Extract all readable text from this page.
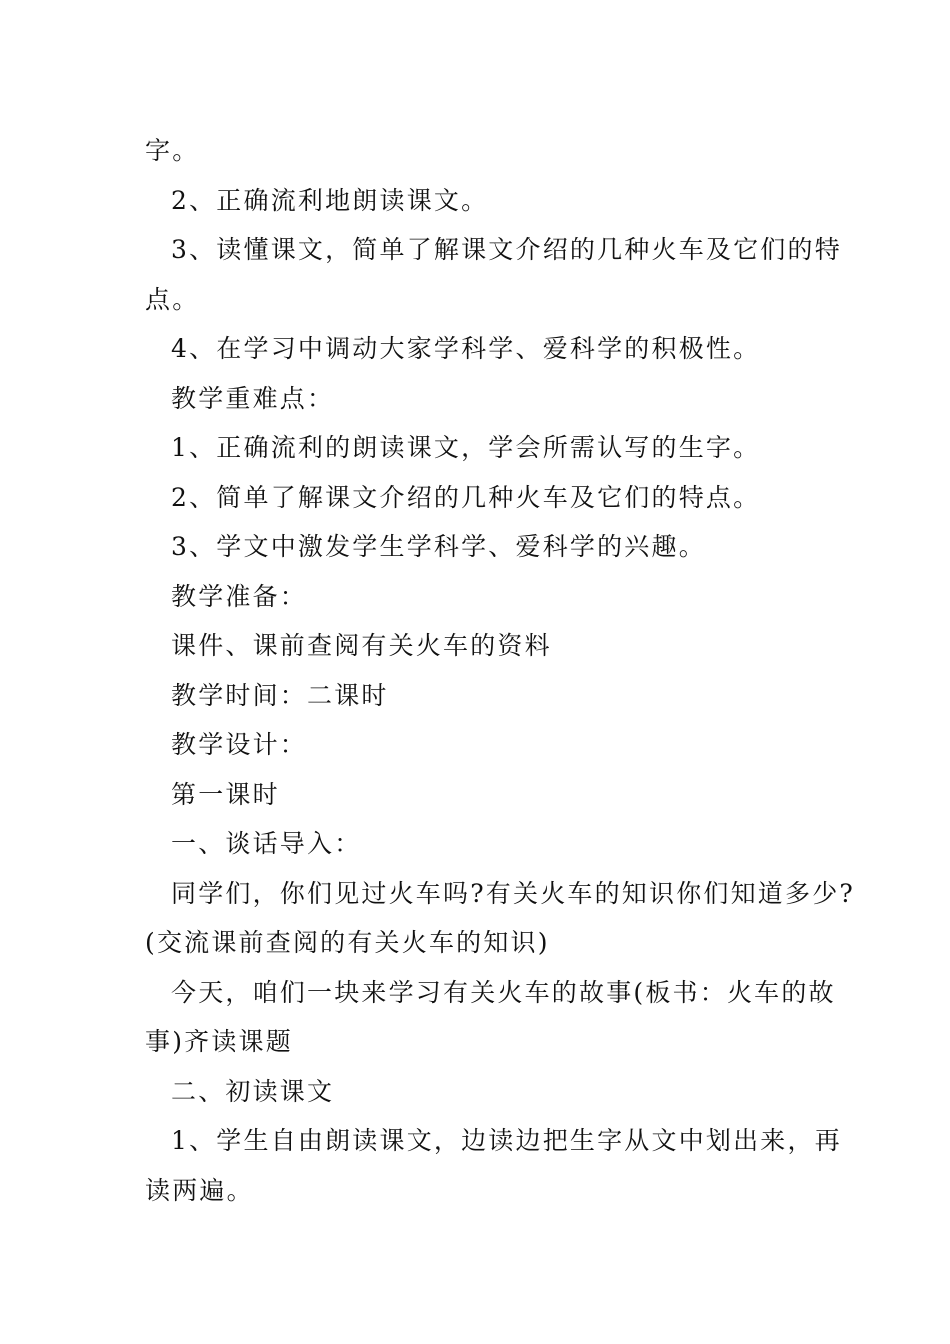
字。
2、正确流利地朗读课文。
3、读懂课文，简单了解课文介绍的几种火车及它们的特
点。
4、在学习中调动大家学科学、爱科学的积极性。
教学重难点：
1、正确流利的朗读课文，学会所需认写的生字。
2、简单了解课文介绍的几种火车及它们的特点。
3、学文中激发学生学科学、爱科学的兴趣。
教学准备：
课件、课前查阅有关火车的资料
教学时间：二课时
教学设计：
第一课时
一、谈话导入：
同学们，你们见过火车吗?有关火车的知识你们知道多少?
(交流课前查阅的有关火车的知识)
今天，咱们一块来学习有关火车的故事(板书：火车的故
事)齐读课题
二、初读课文
1、学生自由朗读课文，边读边把生字从文中划出来，再
读两遍。
